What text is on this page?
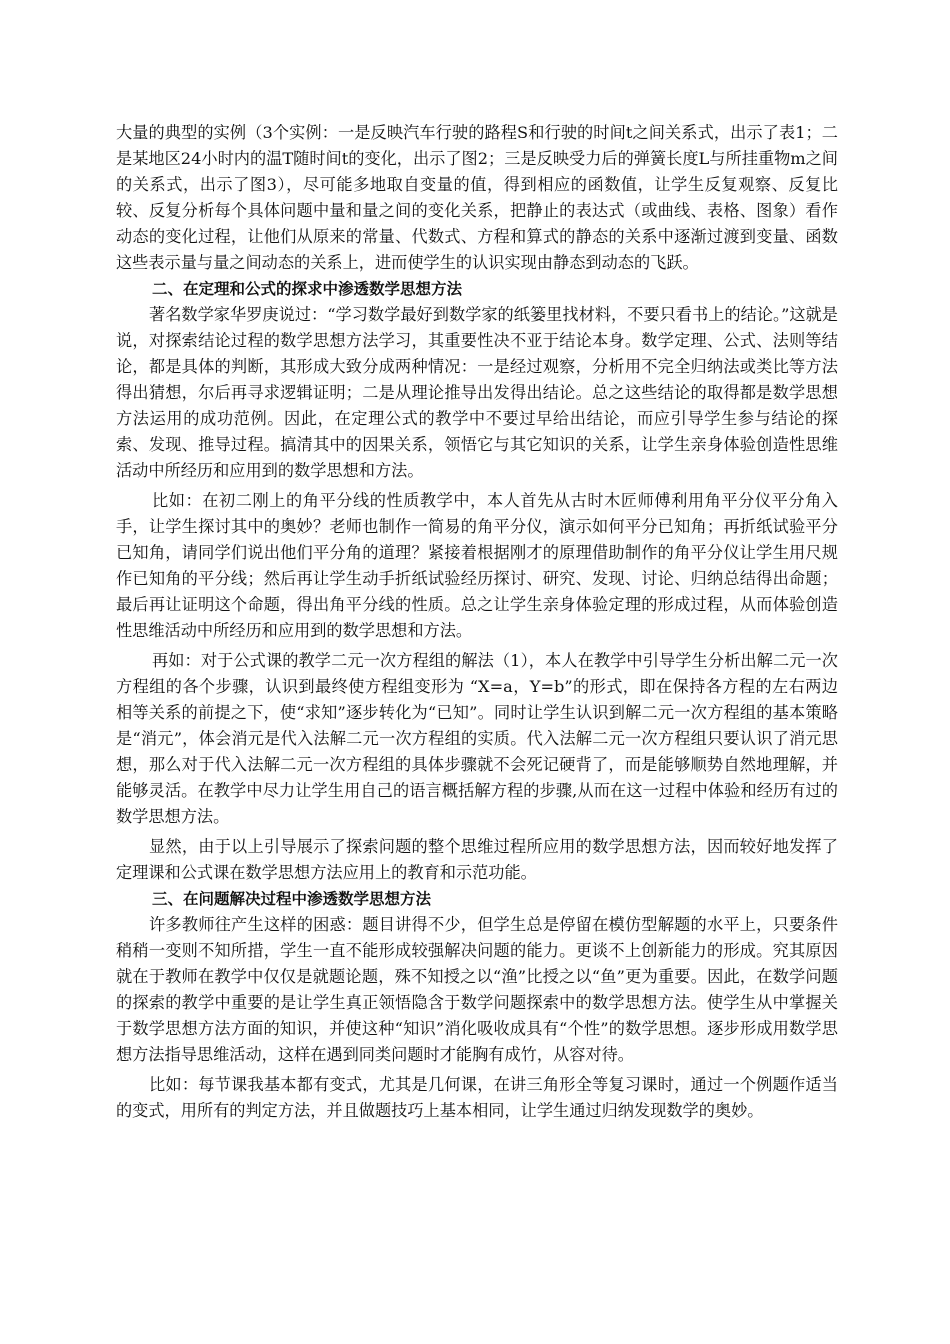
大量的典型的实例（3个实例：一是反映汽车行驶的路程S和行驶的时间t之间关系式，出示了表1；二是某地区24小时内的温T随时间t的变化，出示了图2；三是反映受力后的弹簧长度L与所挂重物m之间的关系式，出示了图3），尽可能多地取自变量的值，得到相应的函数值，让学生反复观察、反复比较、反复分析每个具体问题中量和量之间的变化关系，把静止的表达式（或曲线、表格、图象）看作动态的变化过程，让他们从原来的常量、代数式、方程和算式的静态的关系中逐渐过渡到变量、函数这些表示量与量之间动态的关系上，进而使学生的认识实现由静态到动态的飞跃。

二、在定理和公式的探求中渗透数学思想方法

著名数学家华罗庚说过：“学习数学最好到数学家的纸篓里找材料，不要只看书上的结论。”这就是说，对探索结论过程的数学思想方法学习，其重要性决不亚于结论本身。数学定理、公式、法则等结论，都是具体的判断，其形成大致分成两种情况：一是经过观察，分析用不完全归纳法或类比等方法得出猜想，尔后再寻求逻辑证明；二是从理论推导出发得出结论。总之这些结论的取得都是数学思想方法运用的成功范例。因此，在定理公式的教学中不要过早给出结论，而应引导学生参与结论的探索、发现、推导过程。搞清其中的因果关系，领悟它与其它知识的关系，让学生亲身体验创造性思维活动中所经历和应用到的数学思想和方法。

比如：在初二刚上的角平分线的性质教学中，本人首先从古时木匠师傅利用角平分仪平分角入手，让学生探讨其中的奥妙？老师也制作一简易的角平分仪，演示如何平分已知角；再折纸试验平分已知角，请同学们说出他们平分角的道理？紧接着根据刚才的原理借助制作的角平分仪让学生用尺规作已知角的平分线；然后再让学生动手折纸试验经历探讨、研究、发现、讨论、归纳总结得出命题；最后再让证明这个命题，得出角平分线的性质。总之让学生亲身体验定理的形成过程，从而体验创造性思维活动中所经历和应用到的数学思想和方法。

再如：对于公式课的教学二元一次方程组的解法（1），本人在教学中引导学生分析出解二元一次方程组的各个步骤，认识到最终使方程组变形为 “X=a，Y=b”的形式，即在保持各方程的左右两边相等关系的前提之下，使“求知”逐步转化为“已知”。同时让学生认识到解二元一次方程组的基本策略是“消元”，体会消元是代入法解二元一次方程组的实质。代入法解二元一次方程组只要认识了消元思想，那么对于代入法解二元一次方程组的具体步骤就不会死记硬背了，而是能够顺势自然地理解，并能够灵活。在教学中尽力让学生用自己的语言概括解方程的步骤,从而在这一过程中体验和经历有过的数学思想方法。

显然，由于以上引导展示了探索问题的整个思维过程所应用的数学思想方法，因而较好地发挥了定理课和公式课在数学思想方法应用上的教育和示范功能。

三、在问题解决过程中渗透数学思想方法

许多教师往产生这样的困惑：题目讲得不少，但学生总是停留在模仿型解题的水平上，只要条件稍稍一变则不知所措，学生一直不能形成较强解决问题的能力。更谈不上创新能力的形成。究其原因就在于教师在教学中仅仅是就题论题，殊不知授之以“渔”比授之以“鱼”更为重要。因此，在数学问题的探索的教学中重要的是让学生真正领悟隐含于数学问题探索中的数学思想方法。使学生从中掌握关于数学思想方法方面的知识，并使这种“知识”消化吸收成具有“个性”的数学思想。逐步形成用数学思想方法指导思维活动，这样在遇到同类问题时才能胸有成竹，从容对待。

比如：每节课我基本都有变式，尤其是几何课，在讲三角形全等复习课时，通过一个例题作适当的变式，用所有的判定方法，并且做题技巧上基本相同，让学生通过归纳发现数学的奥妙。
